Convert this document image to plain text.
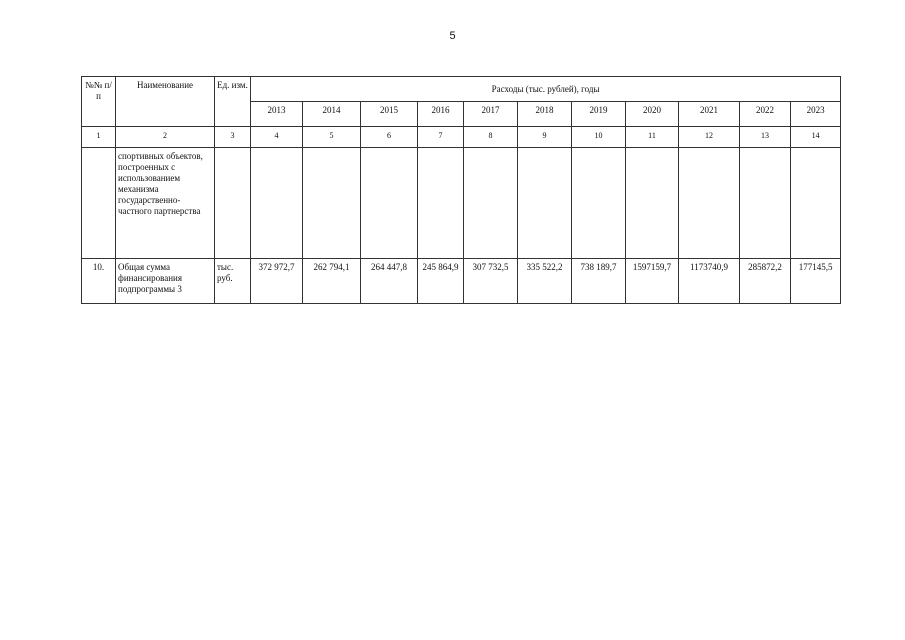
5
№№ п/п	Наименование	Ед. изм.	Расходы (тыс. рублей), годы										
			2013	2014	2015	2016	2017	2018	2019	2020	2021	2022	2023
1	2	3	4	5	6	7	8	9	10	11	12	13	14
	спортивных объектов, построенных с использованием механизма государственно-частного партнерства												
10.	Общая сумма финансирования подпрограммы 3	тыс. руб.	372 972,7	262 794,1	264 447,8	245 864,9	307 732,5	335 522,2	738 189,7	1597159,7	1173740,9	285872,2	177145,5
